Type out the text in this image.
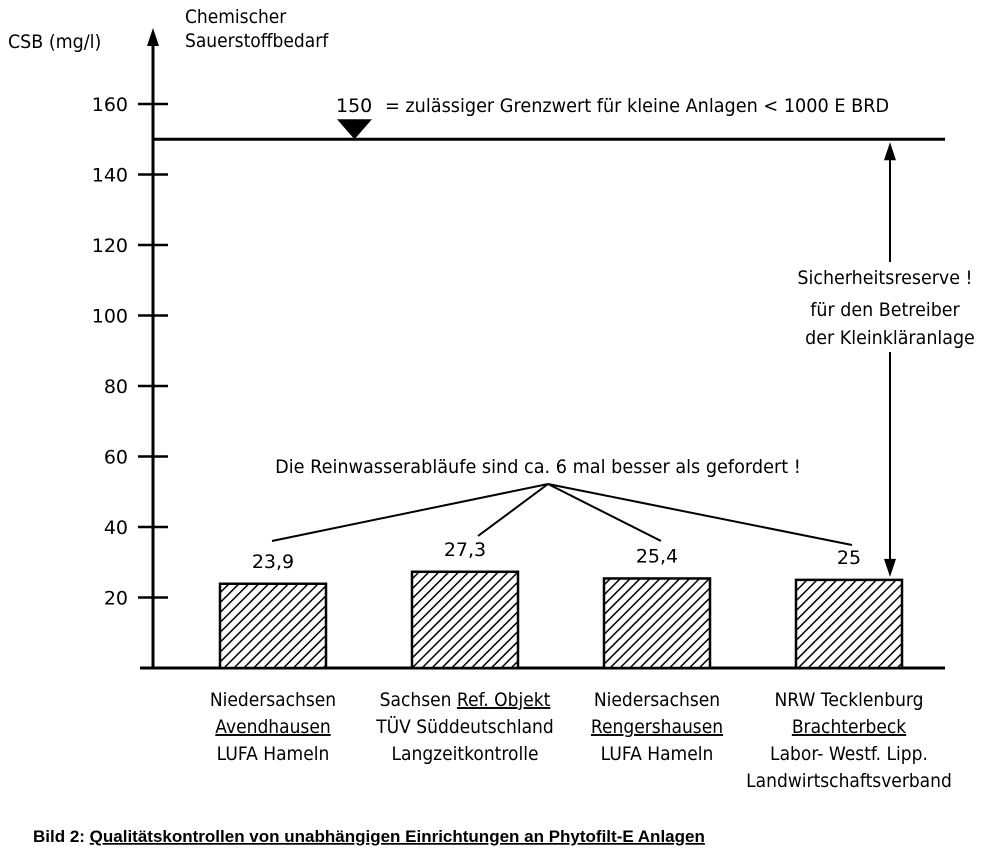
CSB (mg/l)
Chemischer
Sauerstoffbedarf
20
40
60
80
100
120
140
160	150 = zulässiger Grenzwert für kleine Anlagen < 1000 E BRD
Sicherheitsreserve !
für den Betreiber
der Kleinkläranlage
Die Reinwasserabläufe sind ca. 6 mal besser als gefordert !
23,9
27,3	25,4	25
Niedersachsen
Avendhausen
LUFA Hameln
Sachsen Ref. Objekt
TÜV Süddeutschland
Langzeitkontrolle
Niedersachsen
Rengershausen
LUFA Hameln
NRW Tecklenburg
Brachterbeck
Labor- Westf. Lipp.
Landwirtschaftsverband
Bild 2: Qualitätskontrollen von unabhängigen Einrichtungen an Phytofilt-E Anlagen
